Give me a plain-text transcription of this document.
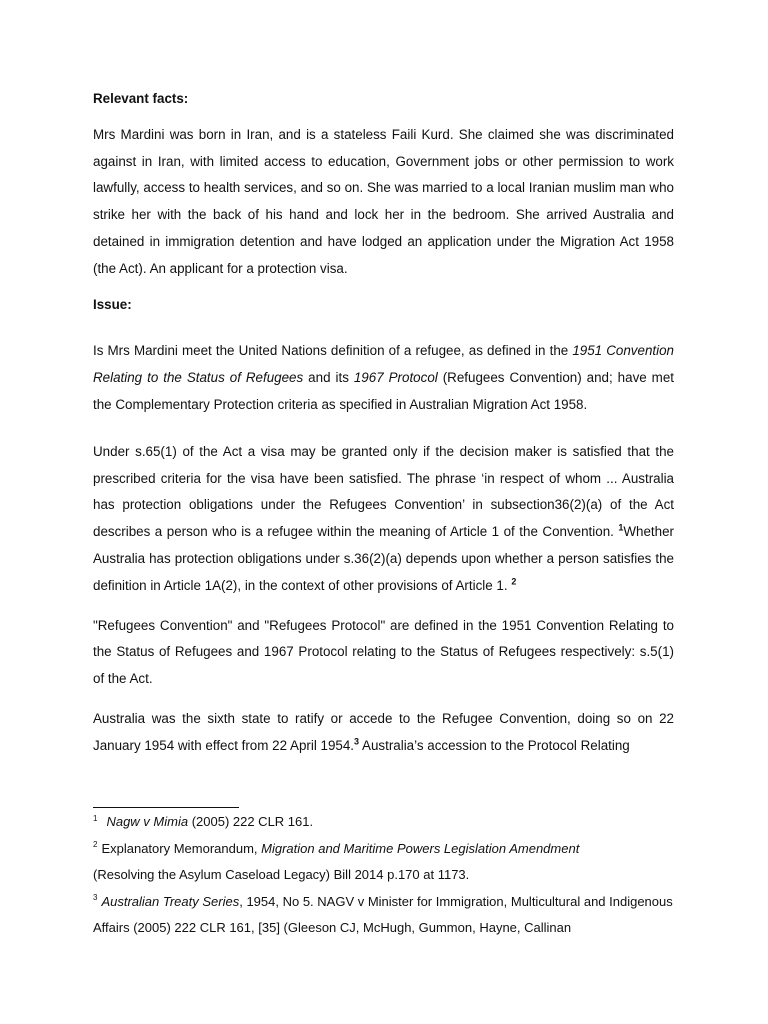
Relevant facts:

Mrs Mardini was born in Iran, and is a stateless Faili Kurd. She claimed she was discriminated against in Iran, with limited access to education, Government jobs or other permission to work lawfully, access to health services, and so on. She was married to a local Iranian muslim man who strike her with the back of his hand and lock her in the bedroom. She arrived Australia and detained in immigration detention and have lodged an application under the Migration Act 1958 (the Act). An applicant for a protection visa.

Issue:

Is Mrs Mardini meet the United Nations definition of a refugee, as defined in the 1951 Convention Relating to the Status of Refugees and its 1967 Protocol (Refugees Convention) and; have met the Complementary Protection criteria as specified in Australian Migration Act 1958.

Under s.65(1) of the Act a visa may be granted only if the decision maker is satisfied that the prescribed criteria for the visa have been satisfied. The phrase ‘in respect of whom ... Australia has protection obligations under the Refugees Convention’ in subsection36(2)(a) of the Act describes a person who is a refugee within the meaning of Article 1 of the Convention. $^1$Whether Australia has protection obligations under s.36(2)(a) depends upon whether a person satisfies the definition in Article 1A(2), in the context of other provisions of Article 1. $^2$

"Refugees Convention" and "Refugees Protocol" are defined in the 1951 Convention Relating to the Status of Refugees and 1967 Protocol relating to the Status of Refugees respectively: s.5(1) of the Act.

Australia was the sixth state to ratify or accede to the Refugee Convention, doing so on 22 January 1954 with effect from 22 April 1954.$^3$ Australia’s accession to the Protocol Relating

$^1$ Nagw v Mimia (2005) 222 CLR 161.

$^2$ Explanatory Memorandum, Migration and Maritime Powers Legislation Amendment
(Resolving the Asylum Caseload Legacy) Bill 2014 p.170 at 1173.

$^3$ Australian Treaty Series, 1954, No 5. NAGV v Minister for Immigration, Multicultural and Indigenous Affairs (2005) 222 CLR 161, [35] (Gleeson CJ, McHugh, Gummon, Hayne, Callinan
